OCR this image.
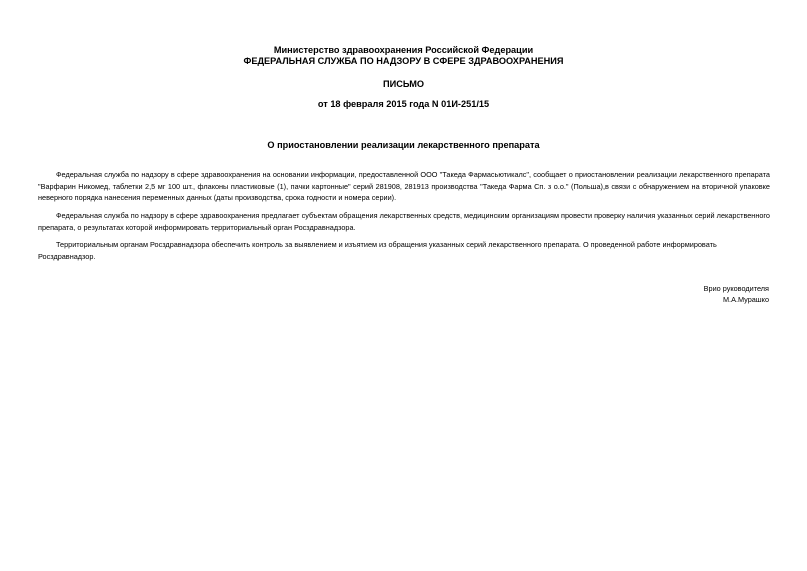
Министерство здравоохранения Российской Федерации
ФЕДЕРАЛЬНАЯ СЛУЖБА ПО НАДЗОРУ В СФЕРЕ ЗДРАВООХРАНЕНИЯ
ПИСЬМО
от 18 февраля 2015 года N 01И-251/15
О приостановлении реализации лекарственного препарата

Федеральная служба по надзору в сфере здравоохранения на основании информации, предоставленной ООО "Такеда Фармасьютикалс", сообщает о приостановлении реализации лекарственного препарата "Варфарин Никомед, таблетки 2,5 мг 100 шт., флаконы пластиковые (1), пачки картонные" серий 281908, 281913 производства "Такеда Фарма Сп. з о.о." (Польша),в связи с обнаружением на вторичной упаковке неверного порядка нанесения переменных данных (даты производства, срока годности и номера серии).

Федеральная служба по надзору в сфере здравоохранения предлагает субъектам обращения лекарственных средств, медицинским организациям провести проверку наличия указанных серий лекарственного препарата, о результатах которой информировать территориальный орган Росздравнадзора.

Территориальным органам Росздравнадзора обеспечить контроль за выявлением и изъятием из обращения указанных серий лекарственного препарата. О проведенной работе информировать Росздравнадзор.

Врио руководителя
М.А.Мурашко
